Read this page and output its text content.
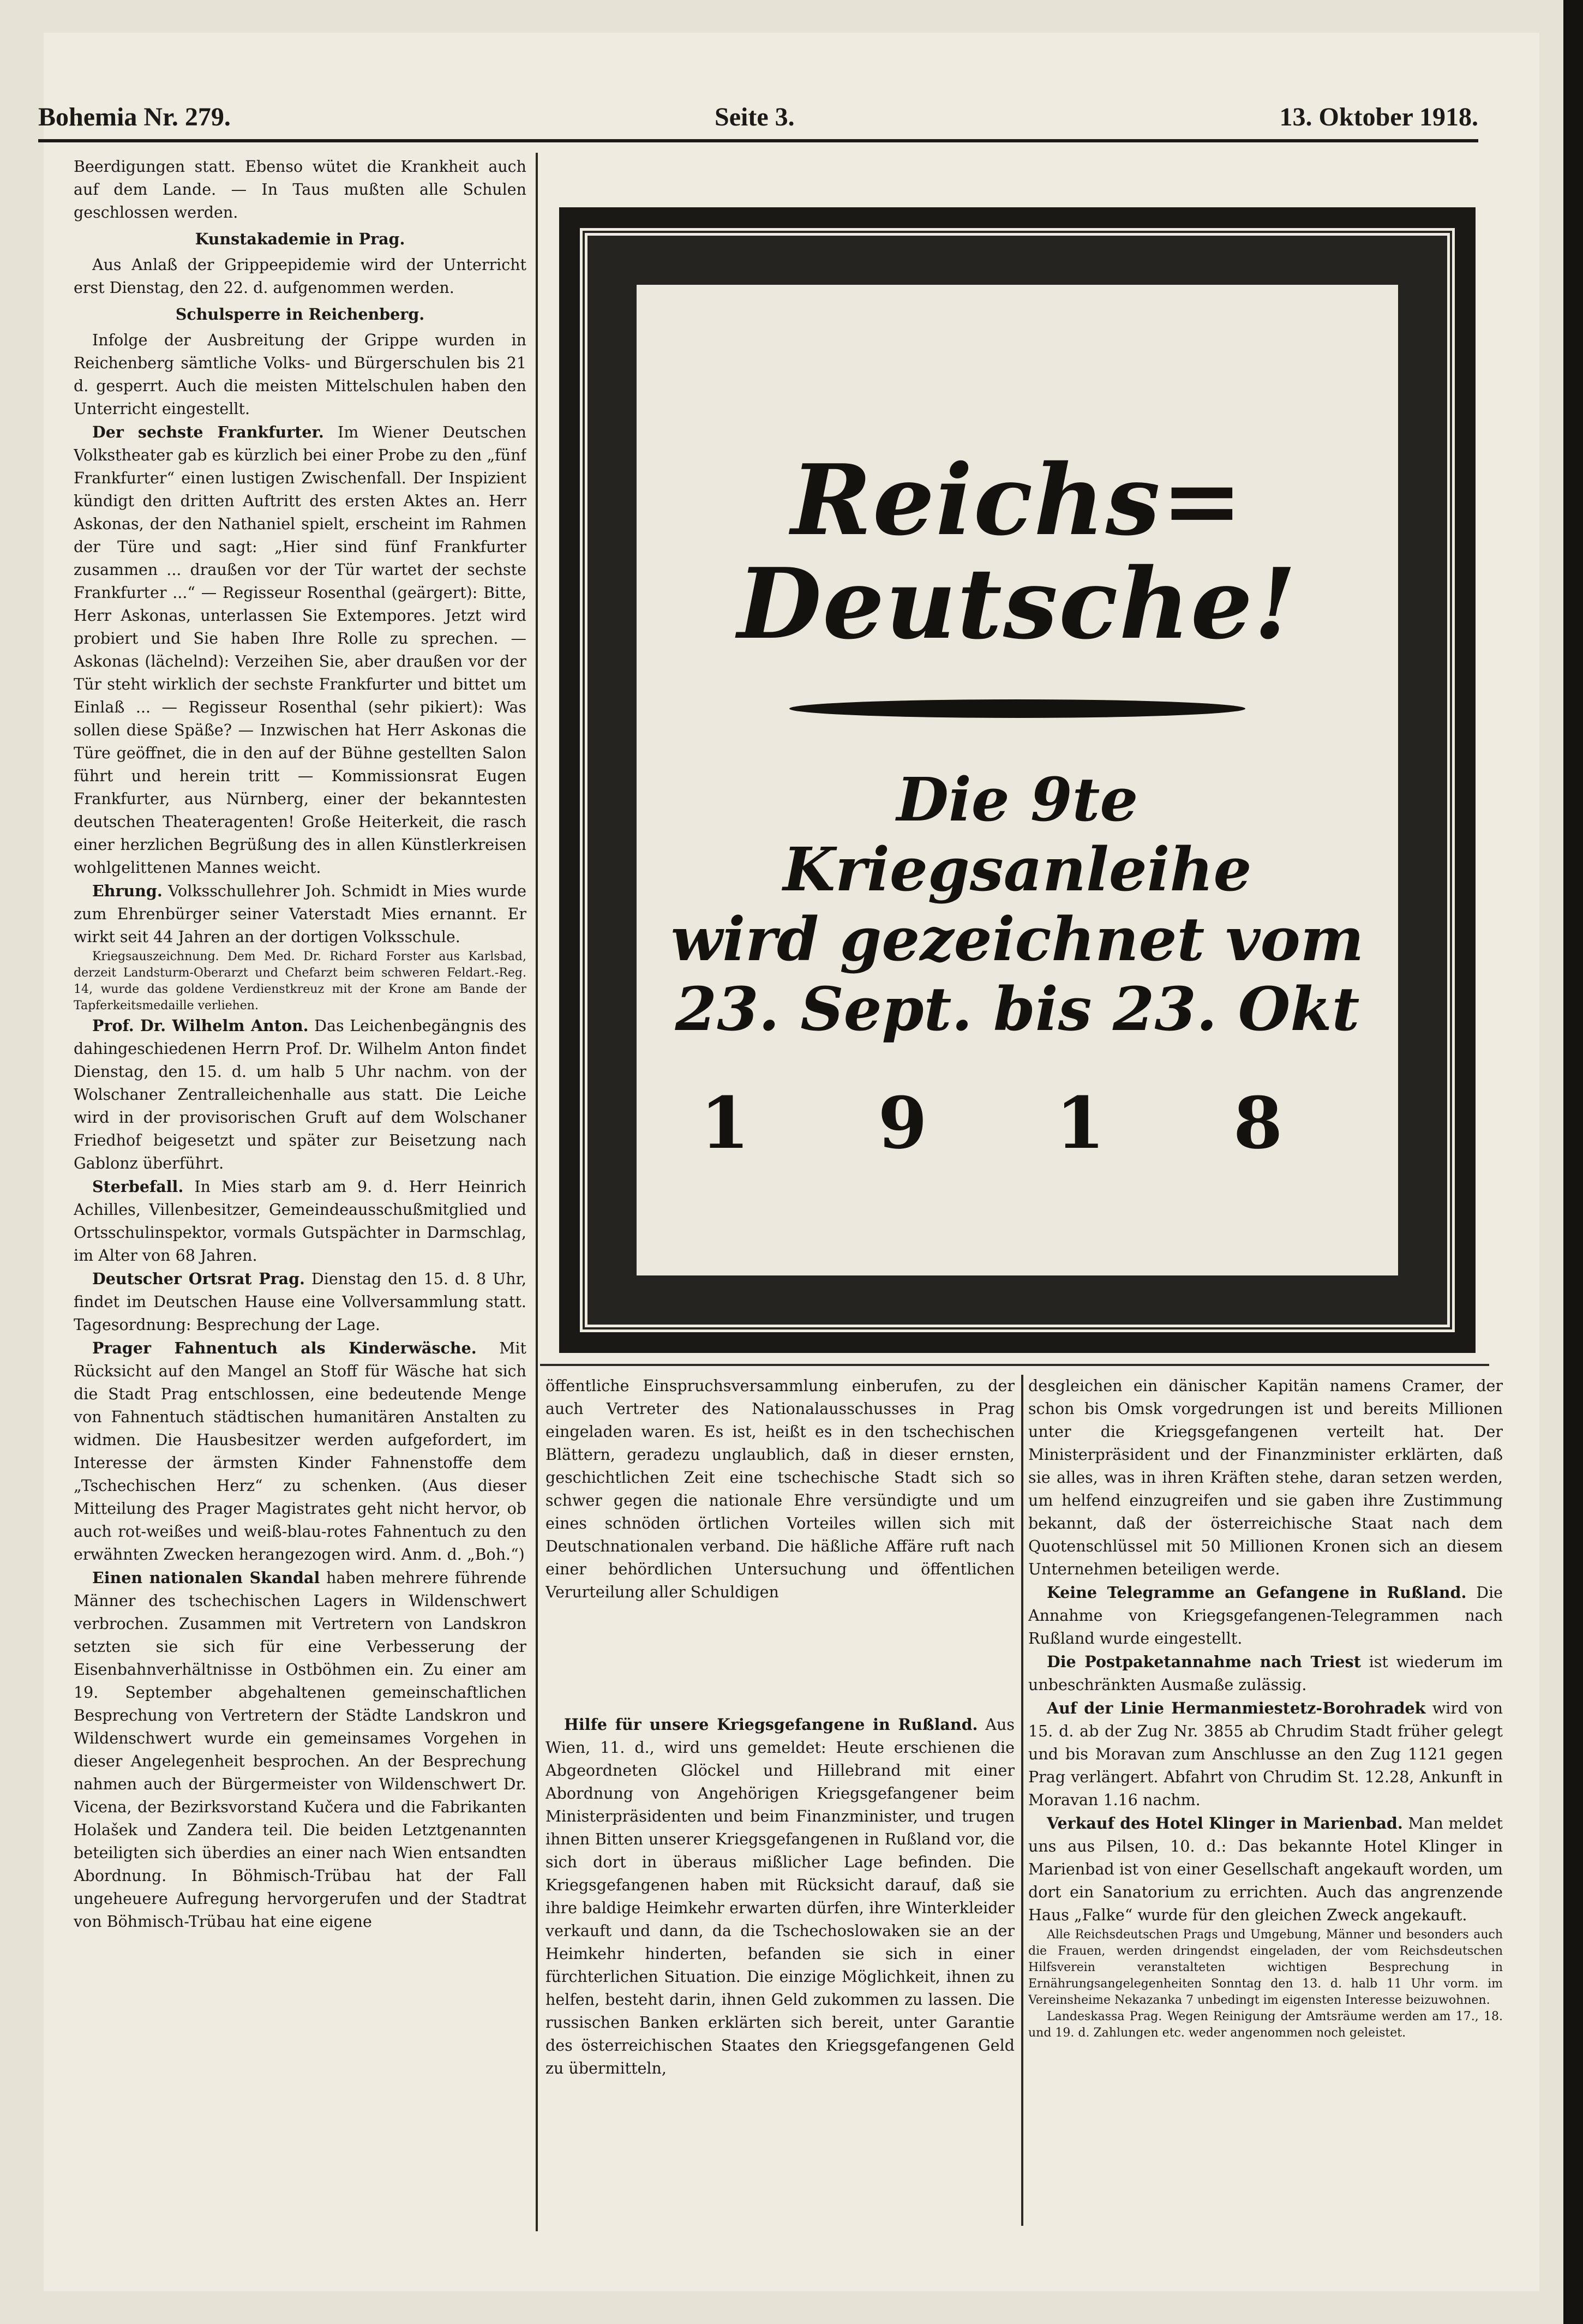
Bohemia Nr. 279.	Seite 3.	13. Oktober 1918.

Beerdigungen statt. Ebenso wütet die Krankheit auch auf dem Lande. — In Taus mußten alle Schulen geschlossen werden.

Kunstakademie in Prag.

Aus Anlaß der Grippeepidemie wird der Unterricht erst Dienstag, den 22. d. aufgenommen werden.

Schulsperre in Reichenberg.

Infolge der Ausbreitung der Grippe wurden in Reichenberg sämtliche Volks- und Bürgerschulen bis 21 d. gesperrt. Auch die meisten Mittelschulen haben den Unterricht eingestellt.

Der sechste Frankfurter. Im Wiener Deutschen Volkstheater gab es kürzlich bei einer Probe zu den „fünf Frankfurter“ einen lustigen Zwischenfall. Der Inspizient kündigt den dritten Auftritt des ersten Aktes an. Herr Askonas, der den Nathaniel spielt, erscheint im Rahmen der Türe und sagt: „Hier sind fünf Frankfurter zusammen ... draußen vor der Tür wartet der sechste Frankfurter ...“ — Regisseur Rosenthal (geärgert): Bitte, Herr Askonas, unterlassen Sie Extempores. Jetzt wird probiert und Sie haben Ihre Rolle zu sprechen. — Askonas (lächelnd): Verzeihen Sie, aber draußen vor der Tür steht wirklich der sechste Frankfurter und bittet um Einlaß ... — Regisseur Rosenthal (sehr pikiert): Was sollen diese Späße? — Inzwischen hat Herr Askonas die Türe geöffnet, die in den auf der Bühne gestellten Salon führt und herein tritt — Kommissionsrat Eugen Frankfurter, aus Nürnberg, einer der bekanntesten deutschen Theateragenten! Große Heiterkeit, die rasch einer herzlichen Begrüßung des in allen Künstlerkreisen wohlgelittenen Mannes weicht.

Ehrung. Volksschullehrer Joh. Schmidt in Mies wurde zum Ehrenbürger seiner Vaterstadt Mies ernannt. Er wirkt seit 44 Jahren an der dortigen Volksschule.

Kriegsauszeichnung. Dem Med. Dr. Richard Forster aus Karlsbad, derzeit Landsturm-Oberarzt und Chefarzt beim schweren Feldart.-Reg. 14, wurde das goldene Verdienstkreuz mit der Krone am Bande der Tapferkeitsmedaille verliehen.

Prof. Dr. Wilhelm Anton. Das Leichenbegängnis des dahingeschiedenen Herrn Prof. Dr. Wilhelm Anton findet Dienstag, den 15. d. um halb 5 Uhr nachm. von der Wolschaner Zentralleichenhalle aus statt. Die Leiche wird in der provisorischen Gruft auf dem Wolschaner Friedhof beigesetzt und später zur Beisetzung nach Gablonz überführt.

Sterbefall. In Mies starb am 9. d. Herr Heinrich Achilles, Villenbesitzer, Gemeindeausschußmitglied und Ortsschulinspektor, vormals Gutspächter in Darmschlag, im Alter von 68 Jahren.

Deutscher Ortsrat Prag. Dienstag den 15. d. 8 Uhr, findet im Deutschen Hause eine Vollversammlung statt. Tagesordnung: Besprechung der Lage.

Prager Fahnentuch als Kinderwäsche. Mit Rücksicht auf den Mangel an Stoff für Wäsche hat sich die Stadt Prag entschlossen, eine bedeutende Menge von Fahnentuch städtischen humanitären Anstalten zu widmen. Die Hausbesitzer werden aufgefordert, im Interesse der ärmsten Kinder Fahnenstoffe dem „Tschechischen Herz“ zu schenken. (Aus dieser Mitteilung des Prager Magistrates geht nicht hervor, ob auch rot-weißes und weiß-blau-rotes Fahnentuch zu den erwähnten Zwecken herangezogen wird. Anm. d. „Boh.“)

Einen nationalen Skandal haben mehrere führende Männer des tschechischen Lagers in Wildenschwert verbrochen. Zusammen mit Vertretern von Landskron setzten sie sich für eine Verbesserung der Eisenbahnverhältnisse in Ostböhmen ein. Zu einer am 19. September abgehaltenen gemeinschaftlichen Besprechung von Vertretern der Städte Landskron und Wildenschwert wurde ein gemeinsames Vorgehen in dieser Angelegenheit besprochen. An der Besprechung nahmen auch der Bürgermeister von Wildenschwert Dr. Vicena, der Bezirksvorstand Kučera und die Fabrikanten Holašek und Zandera teil. Die beiden Letztgenannten beteiligten sich überdies an einer nach Wien entsandten Abordnung. In Böhmisch-Trübau hat der Fall ungeheuere Aufregung hervorgerufen und der Stadtrat von Böhmisch-Trübau hat eine eigene

Reichs=
Deutsche!
Die 9te
Kriegsanleihe
wird gezeichnet vom
23. Sept. bis 23. Okt
1 9 1 8

öffentliche Einspruchsversammlung einberufen, zu der auch Vertreter des Nationalausschusses in Prag eingeladen waren. Es ist, heißt es in den tschechischen Blättern, geradezu unglaublich, daß in dieser ernsten, geschichtlichen Zeit eine tschechische Stadt sich so schwer gegen die nationale Ehre versündigte und um eines schnöden örtlichen Vorteiles willen sich mit Deutschnationalen verband. Die häßliche Affäre ruft nach einer behördlichen Untersuchung und öffentlichen Verurteilung aller Schuldigen

Hilfe für unsere Kriegsgefangene in Rußland. Aus Wien, 11. d., wird uns gemeldet: Heute erschienen die Abgeordneten Glöckel und Hillebrand mit einer Abordnung von Angehörigen Kriegsgefangener beim Ministerpräsidenten und beim Finanzminister, und trugen ihnen Bitten unserer Kriegsgefangenen in Rußland vor, die sich dort in überaus mißlicher Lage befinden. Die Kriegsgefangenen haben mit Rücksicht darauf, daß sie ihre baldige Heimkehr erwarten dürfen, ihre Winterkleider verkauft und dann, da die Tschechoslowaken sie an der Heimkehr hinderten, befanden sie sich in einer fürchterlichen Situation. Die einzige Möglichkeit, ihnen zu helfen, besteht darin, ihnen Geld zukommen zu lassen. Die russischen Banken erklärten sich bereit, unter Garantie des österreichischen Staates den Kriegsgefangenen Geld zu übermitteln,

desgleichen ein dänischer Kapitän namens Cramer, der schon bis Omsk vorgedrungen ist und bereits Millionen unter die Kriegsgefangenen verteilt hat. Der Ministerpräsident und der Finanzminister erklärten, daß sie alles, was in ihren Kräften stehe, daran setzen werden, um helfend einzugreifen und sie gaben ihre Zustimmung bekannt, daß der österreichische Staat nach dem Quotenschlüssel mit 50 Millionen Kronen sich an diesem Unternehmen beteiligen werde.

Keine Telegramme an Gefangene in Rußland. Die Annahme von Kriegsgefangenen-Telegrammen nach Rußland wurde eingestellt.

Die Postpaketannahme nach Triest ist wiederum im unbeschränkten Ausmaße zulässig.

Auf der Linie Hermanmiestetz-Borohradek wird von 15. d. ab der Zug Nr. 3855 ab Chrudim Stadt früher gelegt und bis Moravan zum Anschlusse an den Zug 1121 gegen Prag verlängert. Abfahrt von Chrudim St. 12.28, Ankunft in Moravan 1.16 nachm.

Verkauf des Hotel Klinger in Marienbad. Man meldet uns aus Pilsen, 10. d.: Das bekannte Hotel Klinger in Marienbad ist von einer Gesellschaft angekauft worden, um dort ein Sanatorium zu errichten. Auch das angrenzende Haus „Falke“ wurde für den gleichen Zweck angekauft.

Alle Reichsdeutschen Prags und Umgebung, Männer und besonders auch die Frauen, werden dringendst eingeladen, der vom Reichsdeutschen Hilfsverein veranstalteten wichtigen Besprechung in Ernährungsangelegenheiten Sonntag den 13. d. halb 11 Uhr vorm. im Vereinsheime Nekazanka 7 unbedingt im eigensten Interesse beizuwohnen.

Landeskassa Prag. Wegen Reinigung der Amtsräume werden am 17., 18. und 19. d. Zahlungen etc. weder angenommen noch geleistet.
